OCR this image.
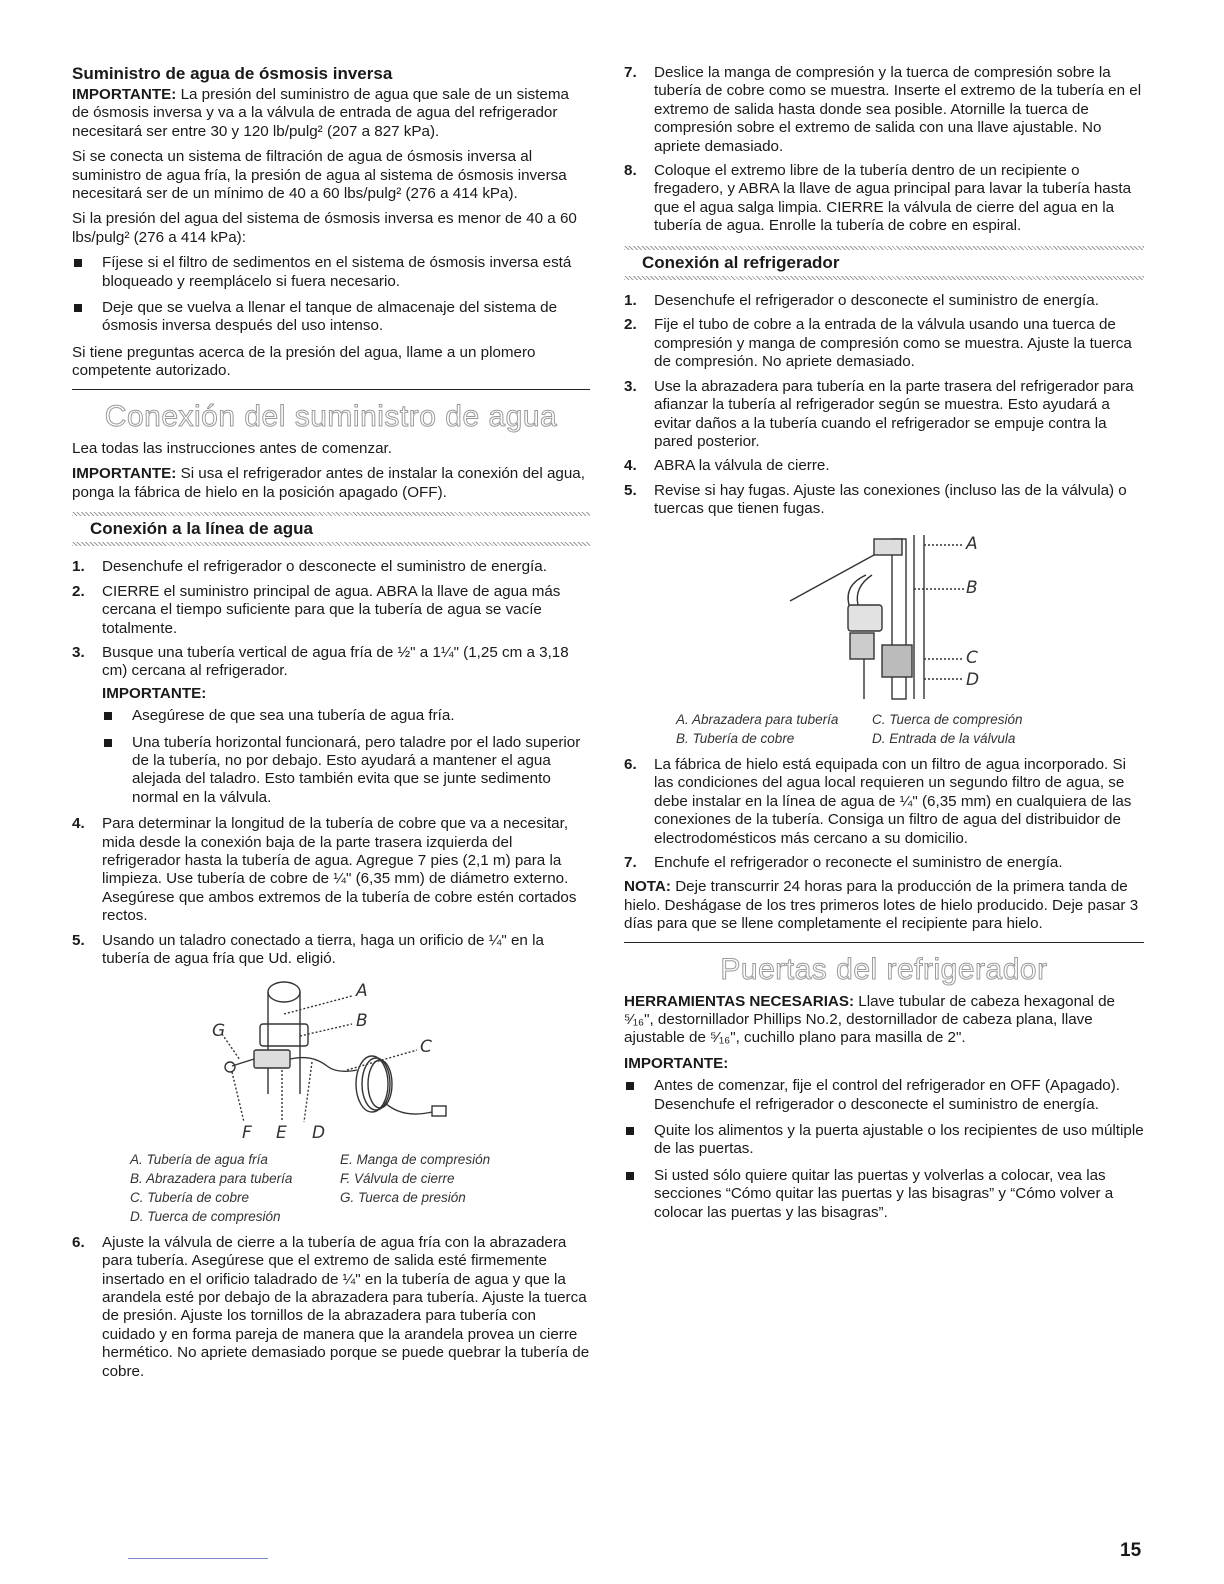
Suministro de agua de ósmosis inversa

IMPORTANTE: La presión del suministro de agua que sale de un sistema de ósmosis inversa y va a la válvula de entrada de agua del refrigerador necesitará ser entre 30 y 120 lb/pulg² (207 a 827 kPa).

Si se conecta un sistema de filtración de agua de ósmosis inversa al suministro de agua fría, la presión de agua al sistema de ósmosis inversa necesitará ser de un mínimo de 40 a 60 lbs/pulg² (276 a 414 kPa).

Si la presión del agua del sistema de ósmosis inversa es menor de 40 a 60 lbs/pulg² (276 a 414 kPa):

Fíjese si el filtro de sedimentos en el sistema de ósmosis inversa está bloqueado y reemplácelo si fuera necesario.
Deje que se vuelva a llenar el tanque de almacenaje del sistema de ósmosis inversa después del uso intenso.

Si tiene preguntas acerca de la presión del agua, llame a un plomero competente autorizado.

Conexión del suministro de agua

Lea todas las instrucciones antes de comenzar.

IMPORTANTE: Si usa el refrigerador antes de instalar la conexión del agua, ponga la fábrica de hielo en la posición apagado (OFF).

Conexión a la línea de agua
1. Desenchufe el refrigerador o desconecte el suministro de energía.
2. CIERRE el suministro principal de agua. ABRA la llave de agua más cercana el tiempo suficiente para que la tubería de agua se vacíe totalmente.
3. Busque una tubería vertical de agua fría de ½" a 1¼" (1,25 cm a 3,18 cm) cercana al refrigerador.
IMPORTANTE:
Asegúrese de que sea una tubería de agua fría.
Una tubería horizontal funcionará, pero taladre por el lado superior de la tubería, no por debajo. Esto ayudará a mantener el agua alejada del taladro. Esto también evita que se junte sedimento normal en la válvula.
4. Para determinar la longitud de la tubería de cobre que va a necesitar, mida desde la conexión baja de la parte trasera izquierda del refrigerador hasta la tubería de agua. Agregue 7 pies (2,1 m) para la limpieza. Use tubería de cobre de ¼" (6,35 mm) de diámetro externo. Asegúrese que ambos extremos de la tubería de cobre estén cortados rectos.
5. Usando un taladro conectado a tierra, haga un orificio de ¼" en la tubería de agua fría que Ud. eligió.
A
B
C
G
F E D
A. Tubería de agua fría	E. Manga de compresión
B. Abrazadera para tubería	F. Válvula de cierre
C. Tubería de cobre	G. Tuerca de presión
D. Tuerca de compresión
6. Ajuste la válvula de cierre a la tubería de agua fría con la abrazadera para tubería. Asegúrese que el extremo de salida esté firmemente insertado en el orificio taladrado de ¼" en la tubería de agua y que la arandela esté por debajo de la abrazadera para tubería. Ajuste la tuerca de presión. Ajuste los tornillos de la abrazadera para tubería con cuidado y en forma pareja de manera que la arandela provea un cierre hermético. No apriete demasiado porque se puede quebrar la tubería de cobre.
7. Deslice la manga de compresión y la tuerca de compresión sobre la tubería de cobre como se muestra. Inserte el extremo de la tubería en el extremo de salida hasta donde sea posible. Atornille la tuerca de compresión sobre el extremo de salida con una llave ajustable. No apriete demasiado.
8. Coloque el extremo libre de la tubería dentro de un recipiente o fregadero, y ABRA la llave de agua principal para lavar la tubería hasta que el agua salga limpia. CIERRE la válvula de cierre del agua en la tubería de agua. Enrolle la tubería de cobre en espiral.
Conexión al refrigerador
1. Desenchufe el refrigerador o desconecte el suministro de energía.
2. Fije el tubo de cobre a la entrada de la válvula usando una tuerca de compresión y manga de compresión como se muestra. Ajuste la tuerca de compresión. No apriete demasiado.
3. Use la abrazadera para tubería en la parte trasera del refrigerador para afianzar la tubería al refrigerador según se muestra. Esto ayudará a evitar daños a la tubería cuando el refrigerador se empuje contra la pared posterior.
4. ABRA la válvula de cierre.
5. Revise si hay fugas. Ajuste las conexiones (incluso las de la válvula) o tuercas que tienen fugas.
A
B
C
D
A. Abrazadera para tubería	C. Tuerca de compresión
B. Tubería de cobre	D. Entrada de la válvula
6. La fábrica de hielo está equipada con un filtro de agua incorporado. Si las condiciones del agua local requieren un segundo filtro de agua, se debe instalar en la línea de agua de ¼" (6,35 mm) en cualquiera de las conexiones de la tubería. Consiga un filtro de agua del distribuidor de electrodomésticos más cercano a su domicilio.
7. Enchufe el refrigerador o reconecte el suministro de energía.

NOTA: Deje transcurrir 24 horas para la producción de la primera tanda de hielo. Deshágase de los tres primeros lotes de hielo producido. Deje pasar 3 días para que se llene completamente el recipiente para hielo.

Puertas del refrigerador

HERRAMIENTAS NECESARIAS: Llave tubular de cabeza hexagonal de ⁵⁄₁₆", destornillador Phillips No.2, destornillador de cabeza plana, llave ajustable de ⁵⁄₁₆", cuchillo plano para masilla de 2".

IMPORTANTE:
Antes de comenzar, fije el control del refrigerador en OFF (Apagado). Desenchufe el refrigerador o desconecte el suministro de energía.
Quite los alimentos y la puerta ajustable o los recipientes de uso múltiple de las puertas.
Si usted sólo quiere quitar las puertas y volverlas a colocar, vea las secciones “Cómo quitar las puertas y las bisagras” y “Cómo volver a colocar las puertas y las bisagras”.
15
